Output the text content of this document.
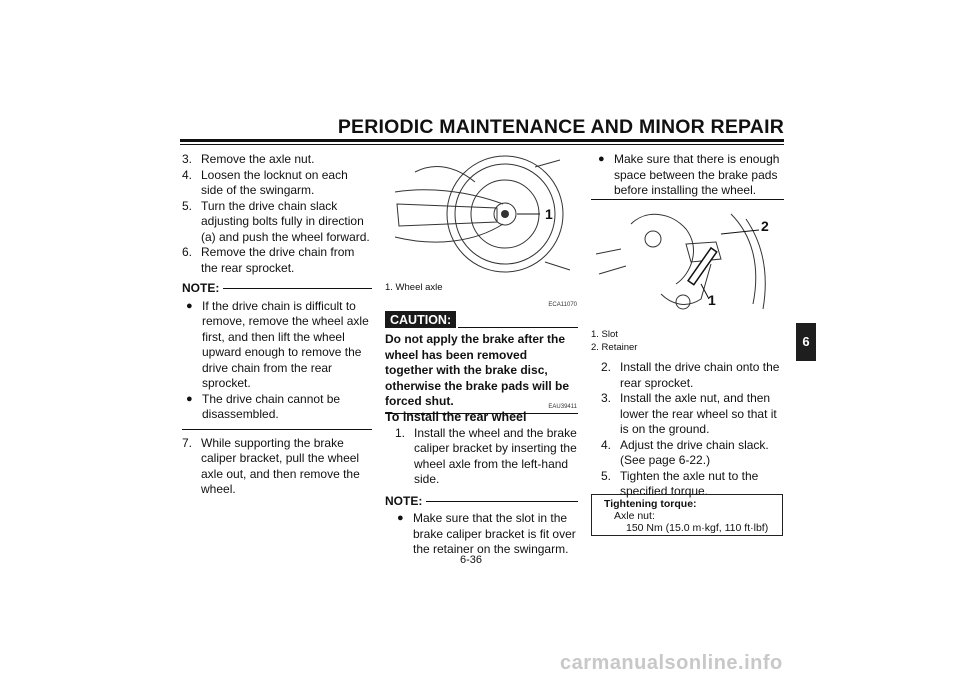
PERIODIC MAINTENANCE AND MINOR REPAIR
3. Remove the axle nut.
4. Loosen the locknut on each side of the swingarm.
5. Turn the drive chain slack adjusting bolts fully in direction (a) and push the wheel forward.
6. Remove the drive chain from the rear sprocket.
NOTE:
● If the drive chain is difficult to remove, remove the wheel axle first, and then lift the wheel upward enough to remove the drive chain from the rear sprocket.
● The drive chain cannot be disassembled.
7. While supporting the brake caliper bracket, pull the wheel axle out, and then remove the wheel.
1
1. Wheel axle
ECA11070
CAUTION:
Do not apply the brake after the wheel has been removed together with the brake disc, otherwise the brake pads will be forced shut.	EAU39411
To install the rear wheel
1. Install the wheel and the brake caliper bracket by inserting the wheel axle from the left-hand side.
NOTE:
● Make sure that the slot in the brake caliper bracket is fit over the retainer on the swingarm.
● Make sure that there is enough space between the brake pads before installing the wheel.
1
2
1. Slot
2. Retainer
2. Install the drive chain onto the rear sprocket.
3. Install the axle nut, and then lower the rear wheel so that it is on the ground.
4. Adjust the drive chain slack. (See page 6-22.)
5. Tighten the axle nut to the specified torque.
Tightening torque:
Axle nut:
150 Nm (15.0 m·kgf, 110 ft·lbf)
6
6-36
carmanualsonline.info
